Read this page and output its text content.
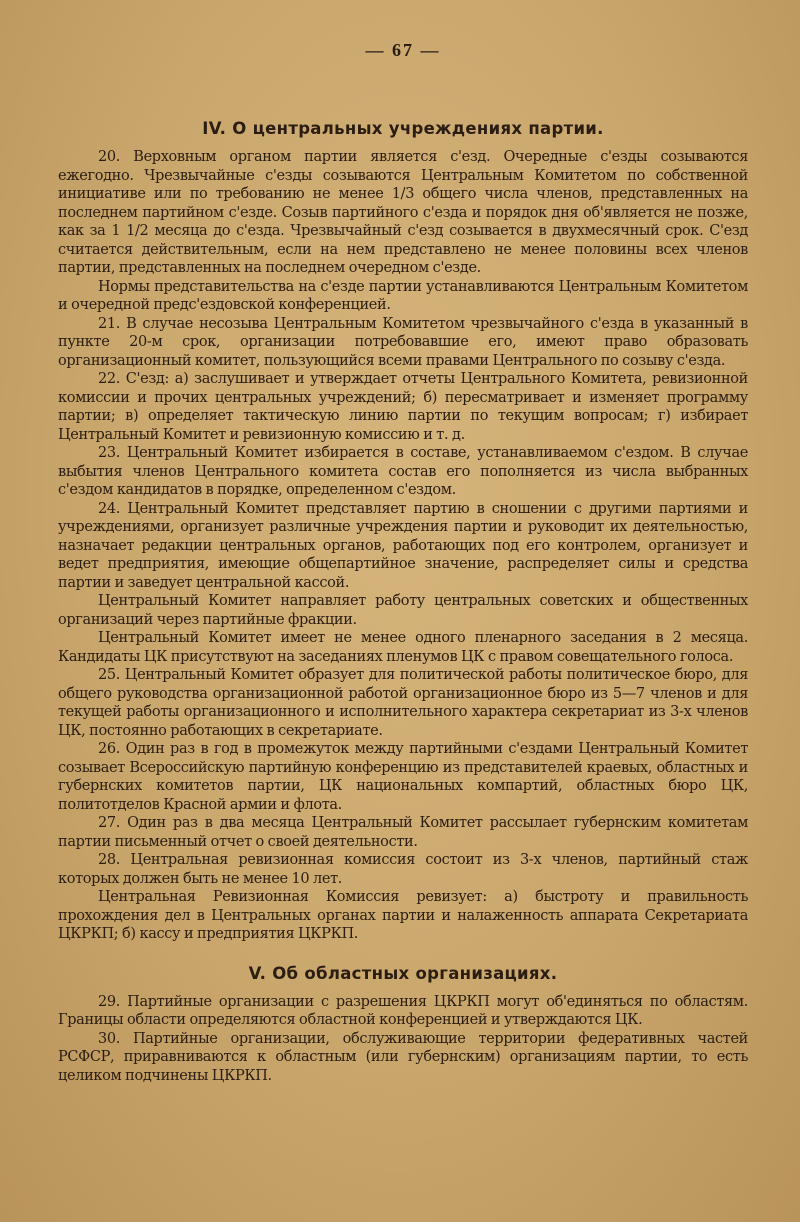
— 67 —
IV. О центральных учреждениях партии.

20. Верховным органом партии является с'езд. Очередные с'езды созываются ежегодно. Чрезвычайные с'езды созываются Центральным Комитетом по собственной инициативе или по требованию не менее 1/3 общего числа членов, представленных на последнем партийном с'езде. Созыв партийного с'езда и порядок дня об'является не позже, как за 1 1/2 месяца до с'езда. Чрезвычайный с'езд созывается в двухмесячный срок. С'езд считается действительным, если на нем представлено не менее половины всех членов партии, представленных на последнем очередном с'езде.

Нормы представительства на с'езде партии устанавливаются Центральным Комитетом и очередной предс'ездовской конференцией.

21. В случае несозыва Центральным Комитетом чрезвычайного с'езда в указанный в пункте 20-м срок, организации потребовавшие его, имеют право образовать организационный комитет, пользующийся всеми правами Центрального по созыву с'езда.

22. С'езд: а) заслушивает и утверждает отчеты Центрального Комитета, ревизионной комиссии и прочих центральных учреждений; б) пересматривает и изменяет программу партии; в) определяет тактическую линию партии по текущим вопросам; г) избирает Центральный Комитет и ревизионную комиссию и т. д.

23. Центральный Комитет избирается в составе, устанавливаемом с'ездом. В случае выбытия членов Центрального комитета состав его пополняется из числа выбранных с'ездом кандидатов в порядке, определенном с'ездом.

24. Центральный Комитет представляет партию в сношении с другими партиями и учреждениями, организует различные учреждения партии и руководит их деятельностью, назначает редакции центральных органов, работающих под его контролем, организует и ведет предприятия, имеющие общепартийное значение, распределяет силы и средства партии и заведует центральной кассой.

Центральный Комитет направляет работу центральных советских и общественных организаций через партийные фракции.

Центральный Комитет имеет не менее одного пленарного заседания в 2 месяца. Кандидаты ЦК присутствуют на заседаниях пленумов ЦК с правом совещательного голоса.

25. Центральный Комитет образует для политической работы политическое бюро, для общего руководства организационной работой организационное бюро из 5—7 членов и для текущей работы организационного и исполнительного характера секретариат из 3-х членов ЦК, постоянно работающих в секретариате.

26. Один раз в год в промежуток между партийными с'ездами Центральный Комитет созывает Всероссийскую партийную конференцию из представителей краевых, областных и губернских комитетов партии, ЦК национальных компартий, областных бюро ЦК, политотделов Красной армии и флота.

27. Один раз в два месяца Центральный Комитет рассылает губернским комитетам партии письменный отчет о своей деятельности.

28. Центральная ревизионная комиссия состоит из 3-х членов, партийный стаж которых должен быть не менее 10 лет.

Центральная Ревизионная Комиссия ревизует: а) быстроту и правильность прохождения дел в Центральных органах партии и налаженность аппарата Секретариата ЦКРКП; б) кассу и предприятия ЦКРКП.

V. Об областных организациях.

29. Партийные организации с разрешения ЦКРКП могут об'единяться по областям. Границы области определяются областной конференцией и утверждаются ЦК.

30. Партийные организации, обслуживающие территории федеративных частей РСФСР, приравниваются к областным (или губернским) организациям партии, то есть целиком подчинены ЦКРКП.
